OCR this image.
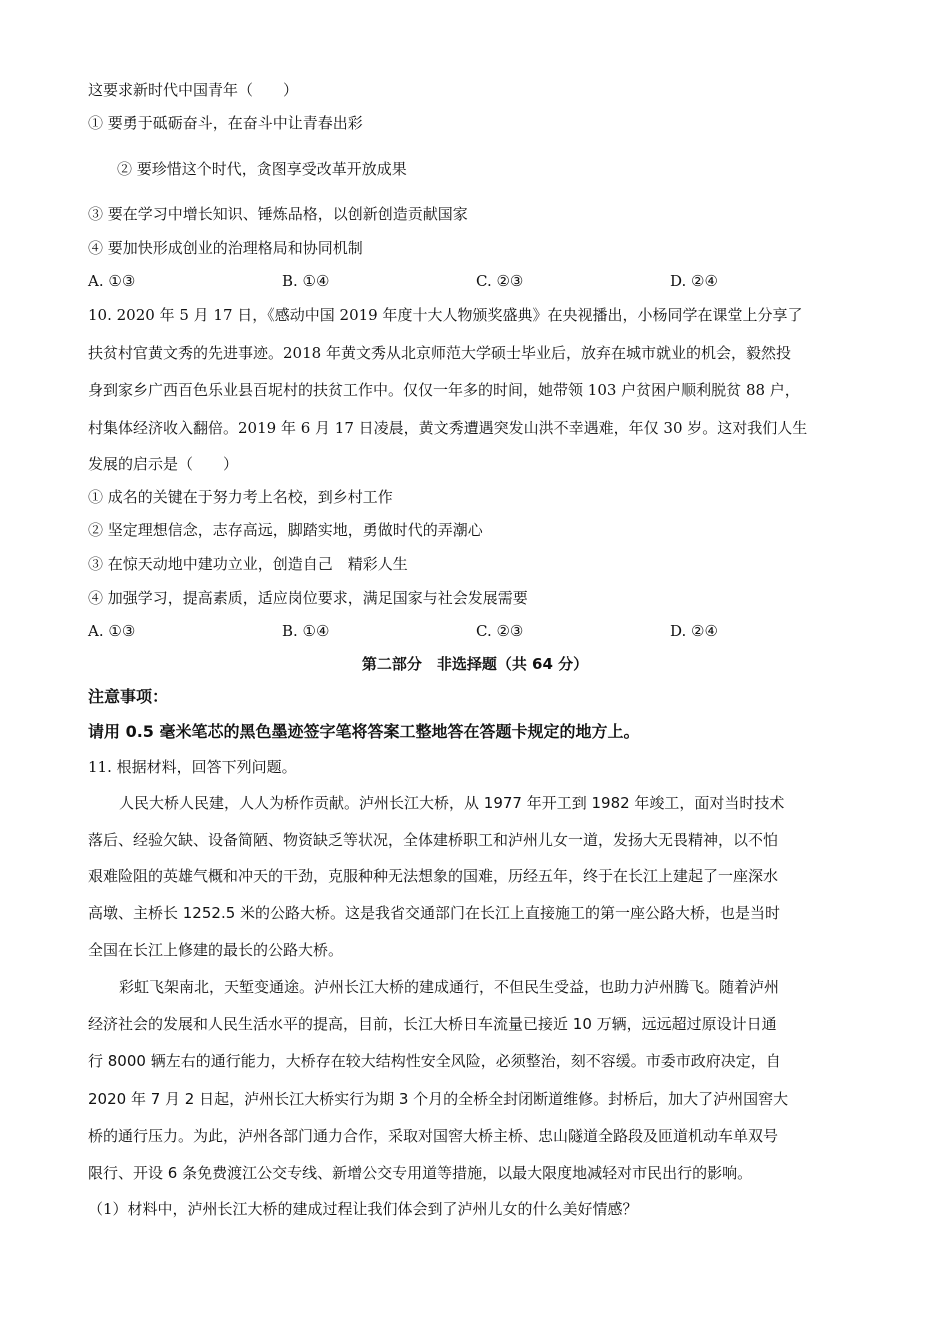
这要求新时代中国青年（　　）
① 要勇于砥砺奋斗，在奋斗中让青春出彩
② 要珍惜这个时代，贪图享受改革开放成果
③ 要在学习中增长知识、锤炼品格，以创新创造贡献国家
④ 要加快形成创业的治理格局和协同机制
A. ①③	B. ①④	C. ②③	D. ②④
10. 2020 年 5 月 17 日，《感动中国 2019 年度十大人物颁奖盛典》在央视播出，小杨同学在课堂上分享了
扶贫村官黄文秀的先进事迹。2018 年黄文秀从北京师范大学硕士毕业后，放弃在城市就业的机会，毅然投
身到家乡广西百色乐业县百坭村的扶贫工作中。仅仅一年多的时间，她带领 103 户贫困户顺利脱贫 88 户，
村集体经济收入翻倍。2019 年 6 月 17 日凌晨，黄文秀遭遇突发山洪不幸遇难，年仅 30 岁。这对我们人生
发展的启示是（　　）
① 成名的关键在于努力考上名校，到乡村工作
② 坚定理想信念，志存高远，脚踏实地，勇做时代的弄潮心
③ 在惊天动地中建功立业，创造自己　精彩人生
④ 加强学习，提高素质，适应岗位要求，满足国家与社会发展需要
A. ①③	B. ①④	C. ②③	D. ②④
第二部分　非选择题（共 64 分）
注意事项：
请用 0.5 毫米笔芯的黑色墨迹签字笔将答案工整地答在答题卡规定的地方上。
11. 根据材料，回答下列问题。
人民大桥人民建，人人为桥作贡献。泸州长江大桥，从 1977 年开工到 1982 年竣工，面对当时技术
落后、经验欠缺、设备简陋、物资缺乏等状况，全体建桥职工和泸州儿女一道，发扬大无畏精神，以不怕
艰难险阻的英雄气概和冲天的干劲，克服种种无法想象的国难，历经五年，终于在长江上建起了一座深水
高墩、主桥长 1252.5 米的公路大桥。这是我省交通部门在长江上直接施工的第一座公路大桥，也是当时
全国在长江上修建的最长的公路大桥。
彩虹飞架南北，天堑变通途。泸州长江大桥的建成通行，不但民生受益，也助力泸州腾飞。随着泸州
经济社会的发展和人民生活水平的提高，目前，长江大桥日车流量已接近 10 万辆，远远超过原设计日通
行 8000 辆左右的通行能力，大桥存在较大结构性安全风险，必须整治，刻不容缓。市委市政府决定，自
2020 年 7 月 2 日起，泸州长江大桥实行为期 3 个月的全桥全封闭断道维修。封桥后，加大了泸州国窖大
桥的通行压力。为此，泸州各部门通力合作，采取对国窖大桥主桥、忠山隧道全路段及匝道机动车单双号
限行、开设 6 条免费渡江公交专线、新增公交专用道等措施，以最大限度地减轻对市民出行的影响。
（1）材料中，泸州长江大桥的建成过程让我们体会到了泸州儿女的什么美好情感？
